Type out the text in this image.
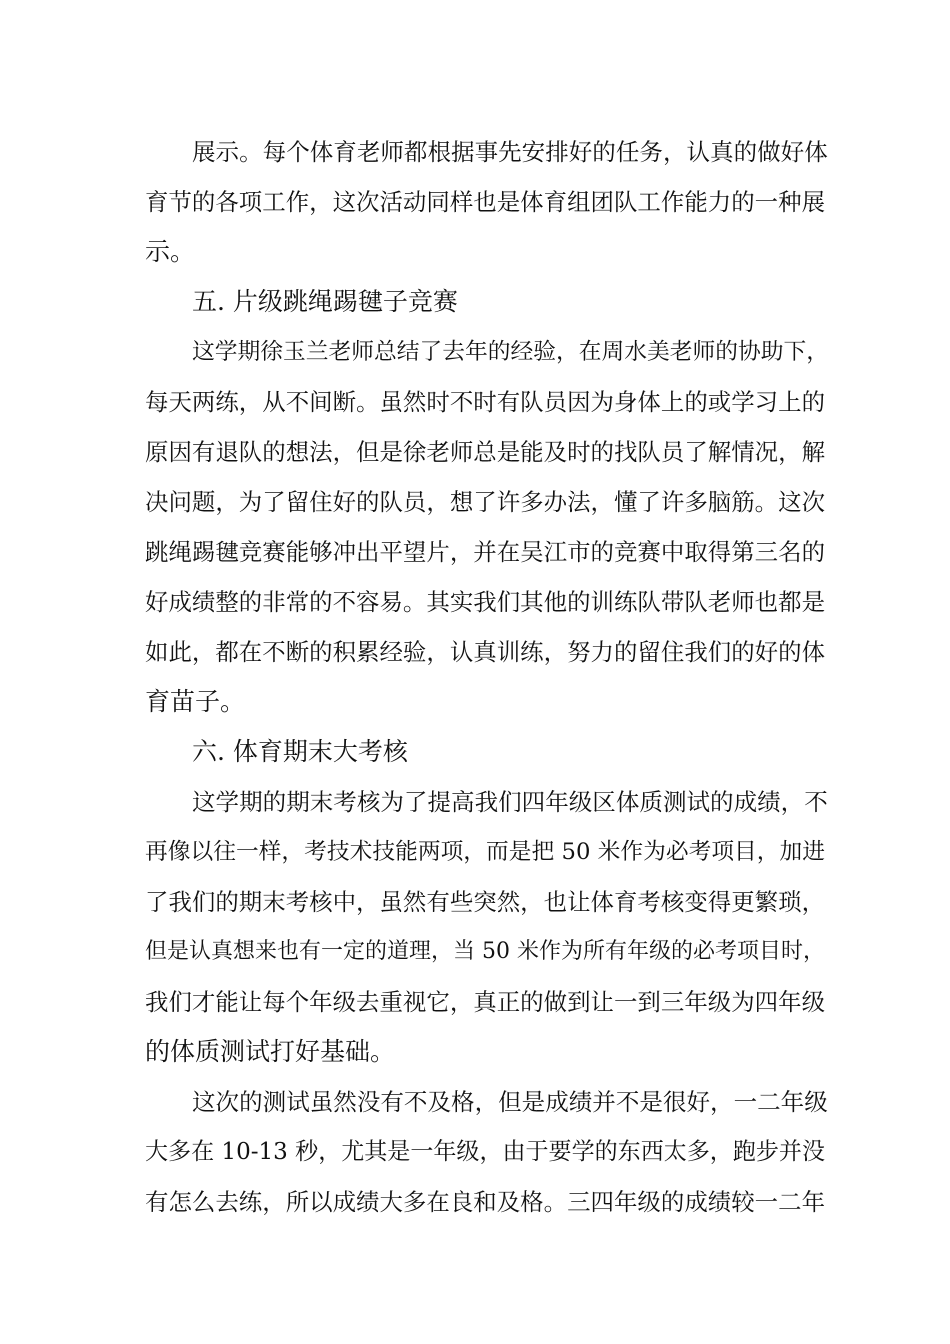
展示。每个体育老师都根据事先安排好的任务，认真的做好体
育节的各项工作，这次活动同样也是体育组团队工作能力的一种展
示。
五. 片级跳绳踢毽子竞赛
这学期徐玉兰老师总结了去年的经验，在周水美老师的协助下，
每天两练，从不间断。虽然时不时有队员因为身体上的或学习上的
原因有退队的想法，但是徐老师总是能及时的找队员了解情况，解
决问题，为了留住好的队员，想了许多办法，懂了许多脑筋。这次
跳绳踢毽竞赛能够冲出平望片，并在吴江市的竞赛中取得第三名的
好成绩整的非常的不容易。其实我们其他的训练队带队老师也都是
如此，都在不断的积累经验，认真训练，努力的留住我们的好的体
育苗子。
六. 体育期末大考核
这学期的期末考核为了提高我们四年级区体质测试的成绩，不
再像以往一样，考技术技能两项，而是把 50 米作为必考项目，加进
了我们的期末考核中，虽然有些突然，也让体育考核变得更繁琐，
但是认真想来也有一定的道理，当 50 米作为所有年级的必考项目时，
我们才能让每个年级去重视它，真正的做到让一到三年级为四年级
的体质测试打好基础。
这次的测试虽然没有不及格，但是成绩并不是很好，一二年级
大多在 10-13 秒，尤其是一年级，由于要学的东西太多，跑步并没
有怎么去练，所以成绩大多在良和及格。三四年级的成绩较一二年
